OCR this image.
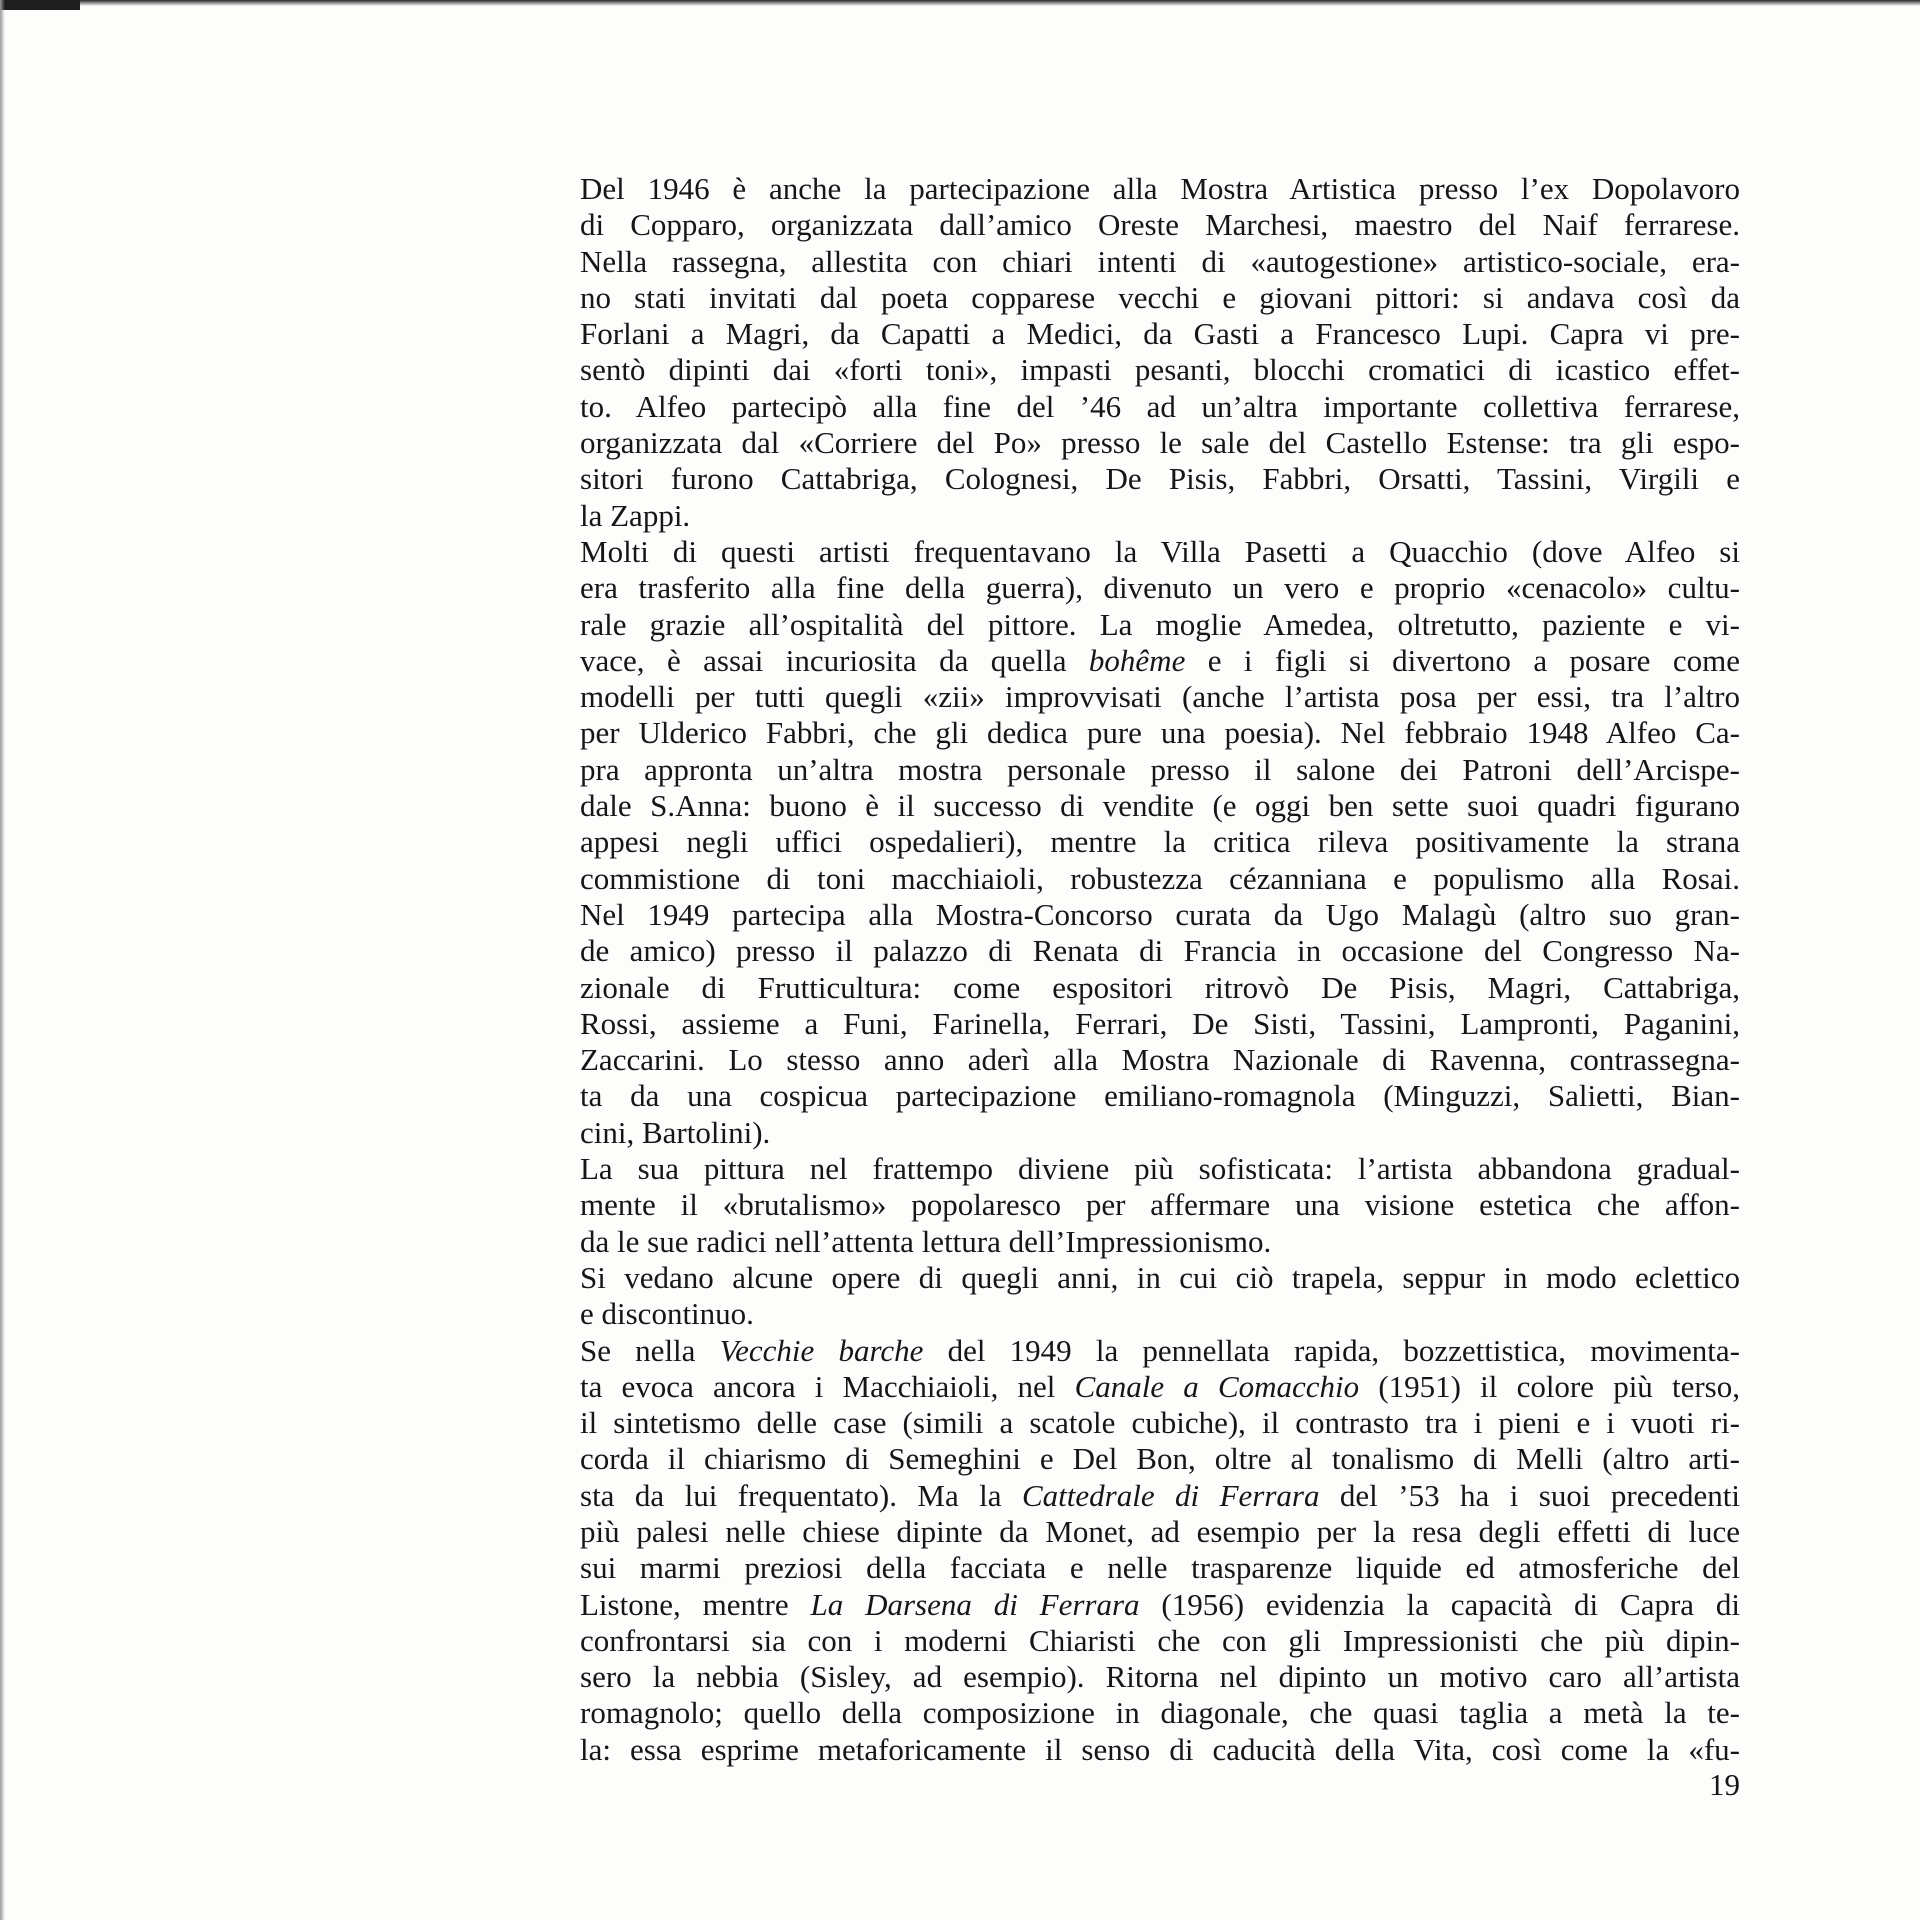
Del 1946 è anche la partecipazione alla Mostra Artistica presso l’ex Dopolavoro
di Copparo, organizzata dall’amico Oreste Marchesi, maestro del Naif ferrarese.
Nella rassegna, allestita con chiari intenti di «autogestione» artistico-sociale, era-
no stati invitati dal poeta copparese vecchi e giovani pittori: si andava così da
Forlani a Magri, da Capatti a Medici, da Gasti a Francesco Lupi. Capra vi pre-
sentò dipinti dai «forti toni», impasti pesanti, blocchi cromatici di icastico effet-
to. Alfeo partecipò alla fine del ’46 ad un’altra importante collettiva ferrarese,
organizzata dal «Corriere del Po» presso le sale del Castello Estense: tra gli espo-
sitori furono Cattabriga, Colognesi, De Pisis, Fabbri, Orsatti, Tassini, Virgili e
la Zappi.
Molti di questi artisti frequentavano la Villa Pasetti a Quacchio (dove Alfeo si
era trasferito alla fine della guerra), divenuto un vero e proprio «cenacolo» cultu-
rale grazie all’ospitalità del pittore. La moglie Amedea, oltretutto, paziente e vi-
vace, è assai incuriosita da quella bohême e i figli si divertono a posare come
modelli per tutti quegli «zii» improvvisati (anche l’artista posa per essi, tra l’altro
per Ulderico Fabbri, che gli dedica pure una poesia). Nel febbraio 1948 Alfeo Ca-
pra appronta un’altra mostra personale presso il salone dei Patroni dell’Arcispe-
dale S.Anna: buono è il successo di vendite (e oggi ben sette suoi quadri figurano
appesi negli uffici ospedalieri), mentre la critica rileva positivamente la strana
commistione di toni macchiaioli, robustezza cézanniana e populismo alla Rosai.
Nel 1949 partecipa alla Mostra-Concorso curata da Ugo Malagù (altro suo gran-
de amico) presso il palazzo di Renata di Francia in occasione del Congresso Na-
zionale di Frutticultura: come espositori ritrovò De Pisis, Magri, Cattabriga,
Rossi, assieme a Funi, Farinella, Ferrari, De Sisti, Tassini, Lampronti, Paganini,
Zaccarini. Lo stesso anno aderì alla Mostra Nazionale di Ravenna, contrassegna-
ta da una cospicua partecipazione emiliano-romagnola (Minguzzi, Salietti, Bian-
cini, Bartolini).
La sua pittura nel frattempo diviene più sofisticata: l’artista abbandona gradual-
mente il «brutalismo» popolaresco per affermare una visione estetica che affon-
da le sue radici nell’attenta lettura dell’Impressionismo.
Si vedano alcune opere di quegli anni, in cui ciò trapela, seppur in modo eclettico
e discontinuo.
Se nella Vecchie barche del 1949 la pennellata rapida, bozzettistica, movimenta-
ta evoca ancora i Macchiaioli, nel Canale a Comacchio (1951) il colore più terso,
il sintetismo delle case (simili a scatole cubiche), il contrasto tra i pieni e i vuoti ri-
corda il chiarismo di Semeghini e Del Bon, oltre al tonalismo di Melli (altro arti-
sta da lui frequentato). Ma la Cattedrale di Ferrara del ’53 ha i suoi precedenti
più palesi nelle chiese dipinte da Monet, ad esempio per la resa degli effetti di luce
sui marmi preziosi della facciata e nelle trasparenze liquide ed atmosferiche del
Listone, mentre La Darsena di Ferrara (1956) evidenzia la capacità di Capra di
confrontarsi sia con i moderni Chiaristi che con gli Impressionisti che più dipin-
sero la nebbia (Sisley, ad esempio). Ritorna nel dipinto un motivo caro all’artista
romagnolo; quello della composizione in diagonale, che quasi taglia a metà la te-
la: essa esprime metaforicamente il senso di caducità della Vita, così come la «fu-
19
